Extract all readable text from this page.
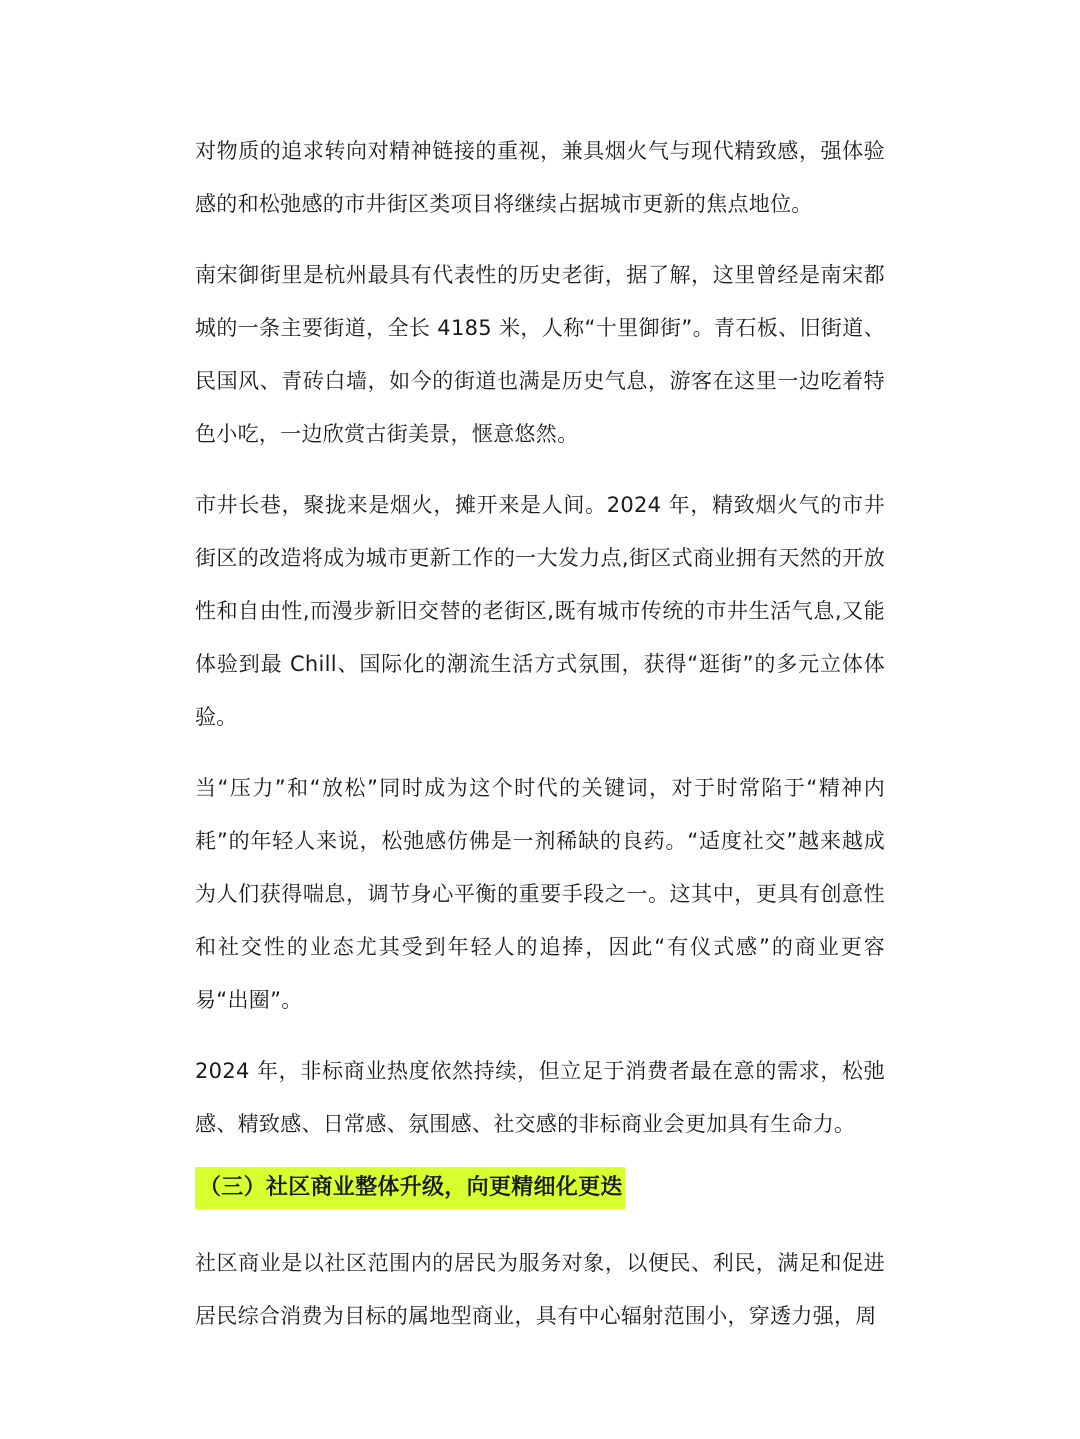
对物质的追求转向对精神链接的重视，兼具烟火气与现代精致感，强体验感的和松弛感的市井街区类项目将继续占据城市更新的焦点地位。

南宋御街里是杭州最具有代表性的历史老街，据了解，这里曾经是南宋都城的一条主要街道，全长 4185 米，人称“十里御街”。青石板、旧街道、民国风、青砖白墙，如今的街道也满是历史气息，游客在这里一边吃着特色小吃，一边欣赏古街美景，惬意悠然。

市井长巷，聚拢来是烟火，摊开来是人间。2024 年，精致烟火气的市井街区的改造将成为城市更新工作的一大发力点,街区式商业拥有天然的开放性和自由性,而漫步新旧交替的老街区,既有城市传统的市井生活气息,又能体验到最 Chill、国际化的潮流生活方式氛围，获得“逛街”的多元立体体验。

当“压力”和“放松”同时成为这个时代的关键词，对于时常陷于“精神内耗”的年轻人来说，松弛感仿佛是一剂稀缺的良药。“适度社交”越来越成为人们获得喘息，调节身心平衡的重要手段之一。这其中，更具有创意性和社交性的业态尤其受到年轻人的追捧，因此“有仪式感”的商业更容易“出圈”。

2024 年，非标商业热度依然持续，但立足于消费者最在意的需求，松弛感、精致感、日常感、氛围感、社交感的非标商业会更加具有生命力。

（三）社区商业整体升级，向更精细化更迭

社区商业是以社区范围内的居民为服务对象，以便民、利民，满足和促进居民综合消费为目标的属地型商业，具有中心辐射范围小，穿透力强，周
